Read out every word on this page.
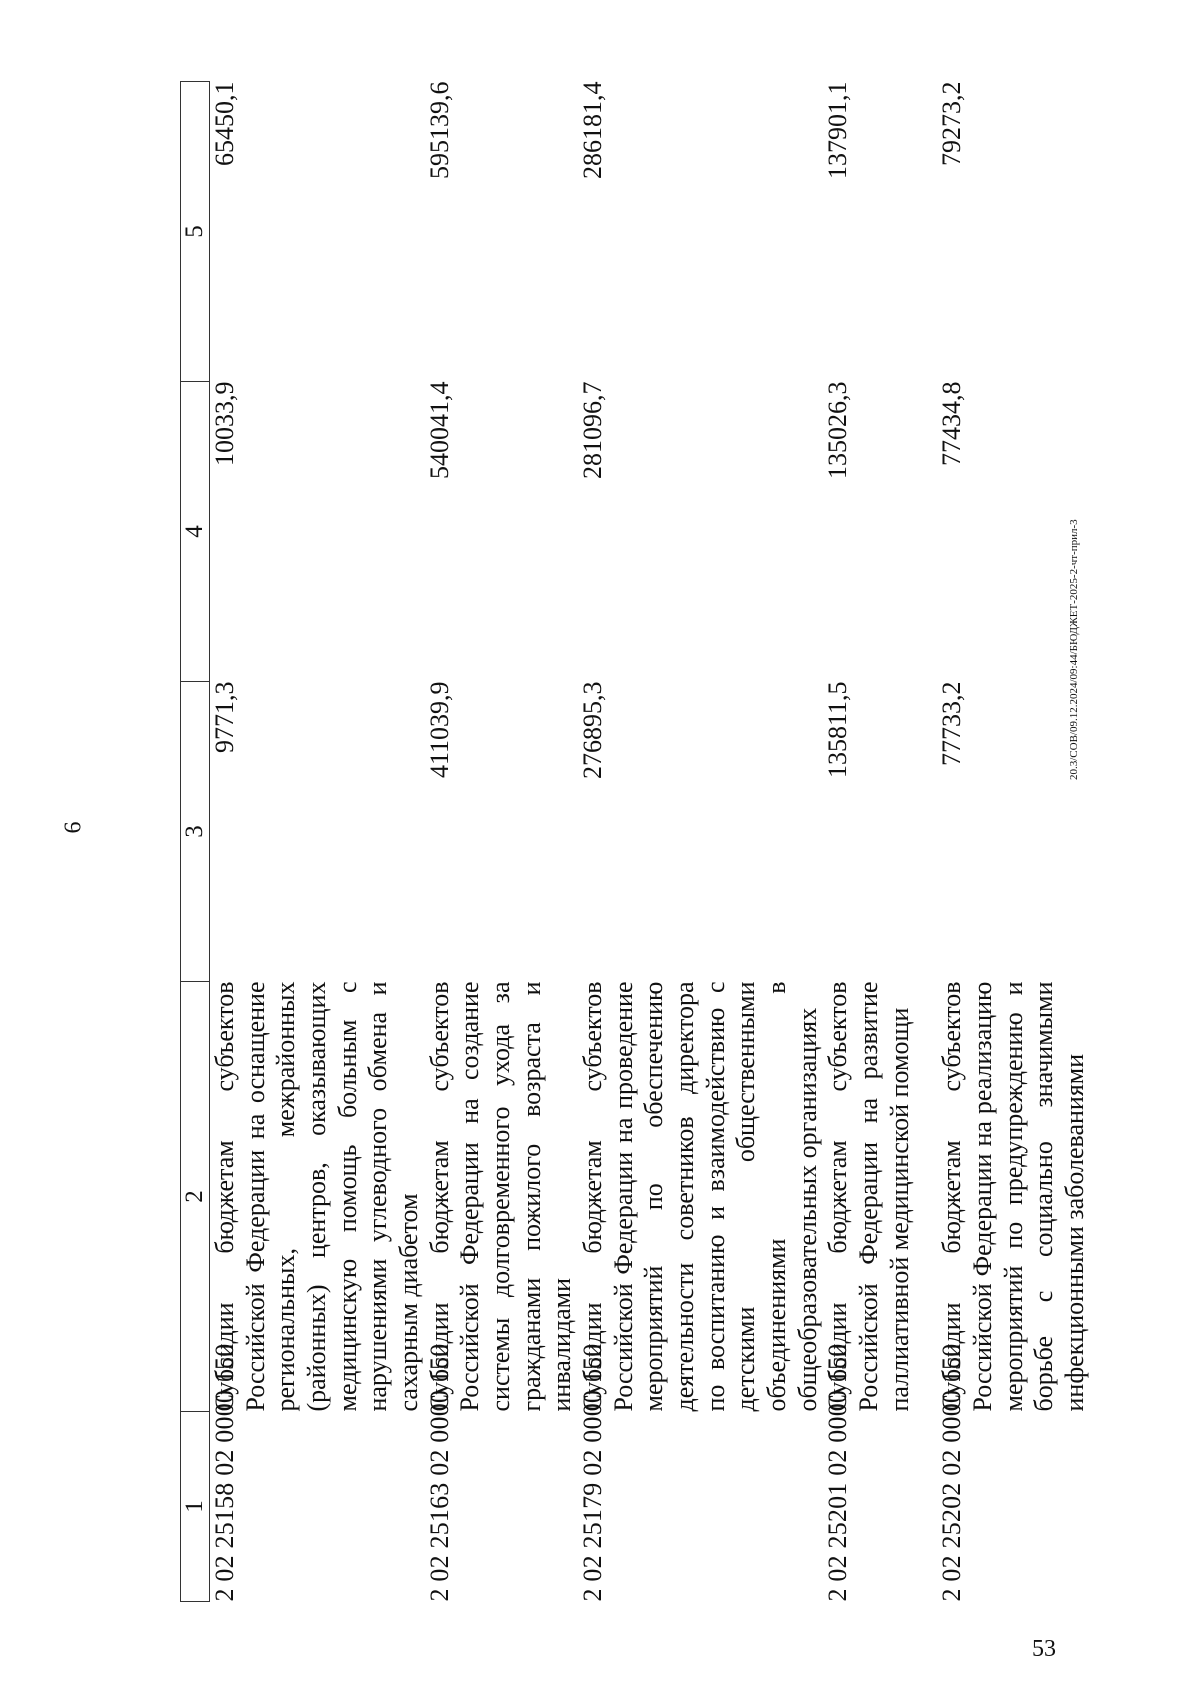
6
1	2	3	4	5
2 02 25158 02 0000 150	Субсидии бюджетам субъектов Российской Федерации на оснащение региональных, межрайонных (районных) центров, оказывающих медицинскую помощь больным с нарушениями углеводного обмена и сахарным диабетом	9771,3	10033,9	65450,1
2 02 25163 02 0000 150	Субсидии бюджетам субъектов Российской Федерации на создание системы долговременного ухода за гражданами пожилого возраста и инвалидами	411039,9	540041,4	595139,6
2 02 25179 02 0000 150	Субсидии бюджетам субъектов Российской Федерации на проведение мероприятий по обеспечению деятельности советников директора по воспитанию и взаимодействию с детскими общественными объединениями в общеобразовательных организациях	276895,3	281096,7	286181,4
2 02 25201 02 0000 150	Субсидии бюджетам субъектов Российской Федерации на развитие паллиативной медицинской помощи	135811,5	135026,3	137901,1
2 02 25202 02 0000 150	Субсидии бюджетам субъектов Российской Федерации на реализацию мероприятий по предупреждению и борьбе с социально значимыми инфекционными заболеваниями	77733,2	77434,8	79273,2
20.3/СОВ/09.12.2024/09:44/БЮДЖЕТ-2025-2-чт-прил-3
53
